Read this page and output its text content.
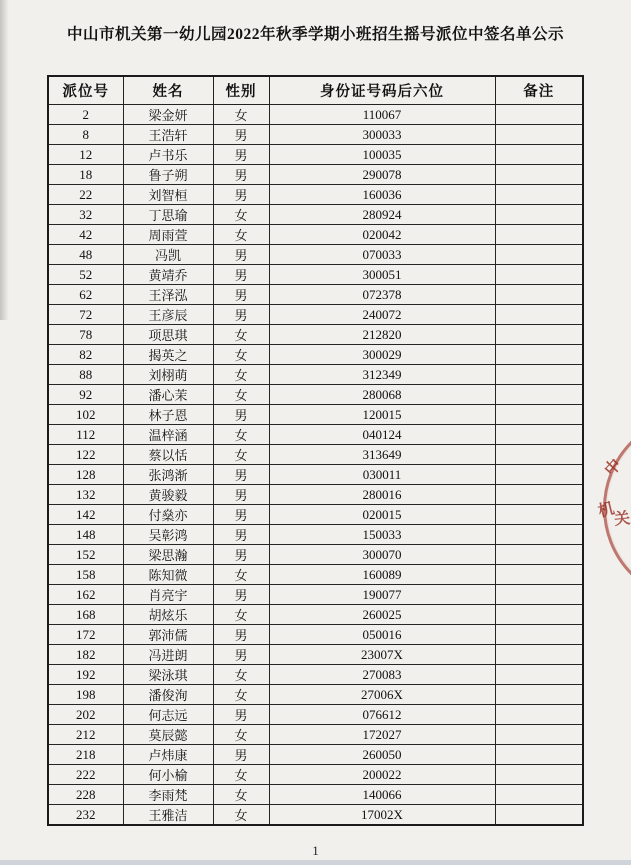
中山市机关第一幼儿园2022年秋季学期小班招生摇号派位中签名单公示
派位号	姓名	性别	身份证号码后六位	备注
2	梁金妍	女	110067	
8	王浩轩	男	300033	
12	卢书乐	男	100035	
18	鲁子朔	男	290078	
22	刘智桓	男	160036	
32	丁思瑜	女	280924	
42	周雨萱	女	020042	
48	冯凯	男	070033	
52	黄靖乔	男	300051	
62	王泽泓	男	072378	
72	王彦辰	男	240072	
78	项思琪	女	212820	
82	揭英之	女	300029	
88	刘栩萌	女	312349	
92	潘心茉	女	280068	
102	林子恩	男	120015	
112	温梓涵	女	040124	
122	蔡以恬	女	313649	
128	张鸿渐	男	030011	
132	黄骏毅	男	280016	
142	付燊亦	男	020015	
148	吴彰鸿	男	150033	
152	梁思瀚	男	300070	
158	陈知微	女	160089	
162	肖亮宇	男	190077	
168	胡炫乐	女	260025	
172	郭沛儒	男	050016	
182	冯进朗	男	23007X	
192	梁泳琪	女	270083	
198	潘俊洵	女	27006X	
202	何志远	男	076612	
212	莫辰懿	女	172027	
218	卢炜康	男	260050	
222	何小榆	女	200022	
228	李雨梵	女	140066	
232	王雅洁	女	17002X	
中
机
关
1
